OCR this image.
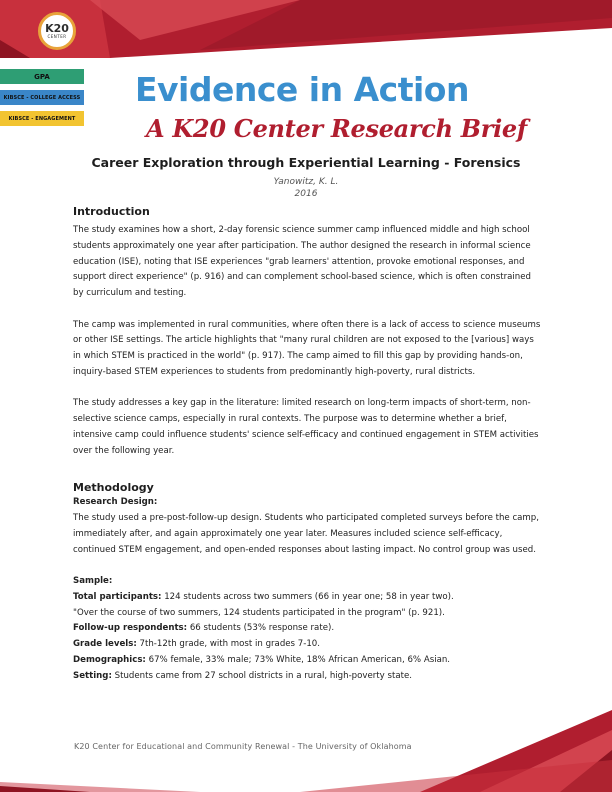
K20
CENTER
GPA
KIBSCE - COLLEGE ACCESS
KIBSCE - ENGAGEMENT
Evidence in Action
A K20 Center Research Brief
Career Exploration through Experiential Learning - Forensics
Yanowitz, K. L.
2016
Introduction

The study examines how a short, 2-day forensic science summer camp influenced middle and high school students approximately one year after participation. The author designed the research in informal science education (ISE), noting that ISE experiences "grab learners' attention, provoke emotional responses, and support direct experience" (p. 916) and can complement school-based science, which is often constrained by curriculum and testing.

The camp was implemented in rural communities, where often there is a lack of access to science museums or other ISE settings. The article highlights that "many rural children are not exposed to the [various] ways in which STEM is practiced in the world" (p. 917). The camp aimed to fill this gap by providing hands-on, inquiry-based STEM experiences to students from predominantly high-poverty, rural districts.

The study addresses a key gap in the literature: limited research on long-term impacts of short-term, non-selective science camps, especially in rural contexts. The purpose was to determine whether a brief, intensive camp could influence students' science self-efficacy and continued engagement in STEM activities over the following year.

Methodology
Research Design:

The study used a pre-post-follow-up design. Students who participated completed surveys before the camp, immediately after, and again approximately one year later. Measures included science self-efficacy, continued STEM engagement, and open-ended responses about lasting impact. No control group was used.

Sample:
Total participants: 124 students across two summers (66 in year one; 58 in year two).
"Over the course of two summers, 124 students participated in the program" (p. 921).
Follow-up respondents: 66 students (53% response rate).
Grade levels: 7th-12th grade, with most in grades 7-10.
Demographics: 67% female, 33% male; 73% White, 18% African American, 6% Asian.
Setting: Students came from 27 school districts in a rural, high-poverty state.
K20 Center for Educational and Community Renewal - The University of Oklahoma
